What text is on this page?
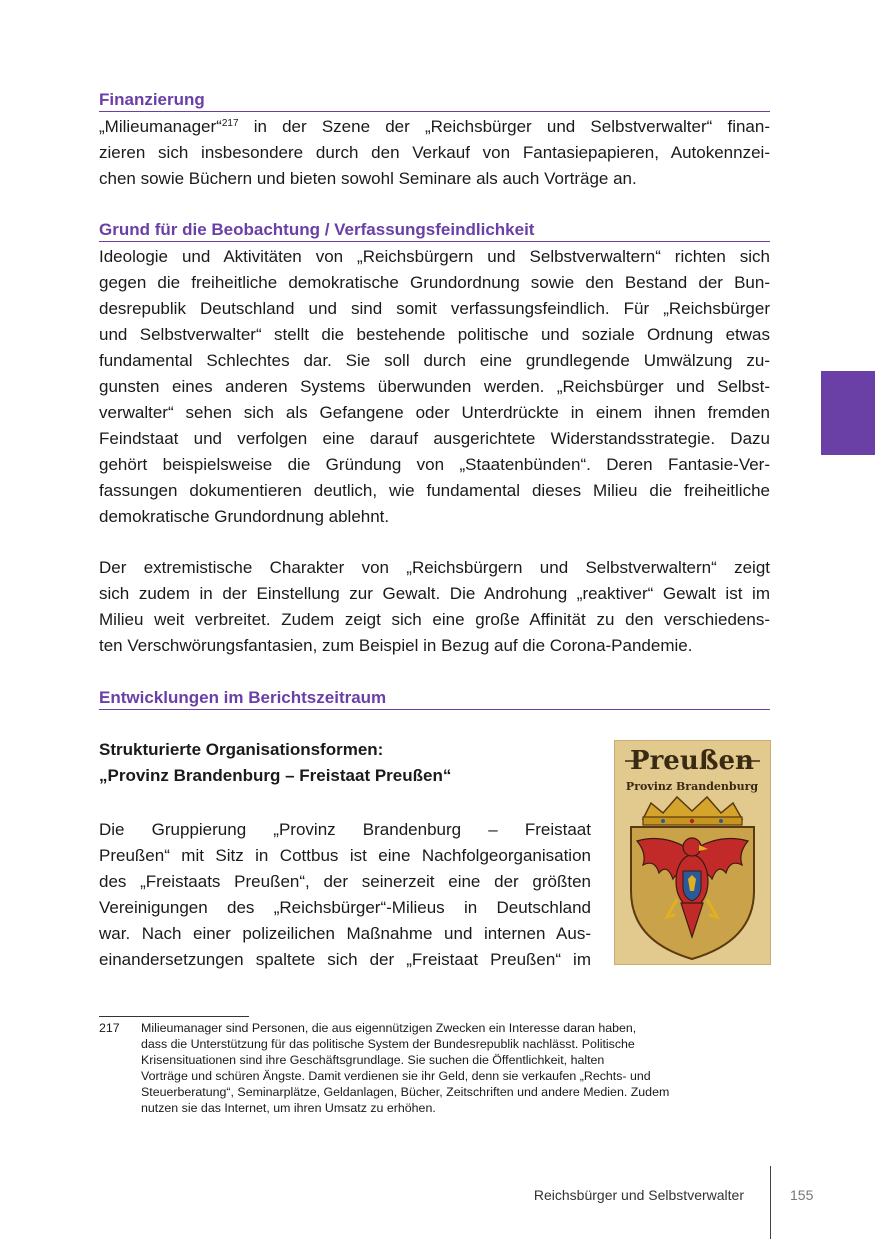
Finanzierung
„Milieumanager“$^{217}$ in der Szene der „Reichsbürger und Selbstverwalter“ finan-
zieren sich insbesondere durch den Verkauf von Fantasiepapieren, Autokennzei-
chen sowie Büchern und bieten sowohl Seminare als auch Vorträge an.
Grund für die Beobachtung / Verfassungsfeindlichkeit
Ideologie und Aktivitäten von „Reichsbürgern und Selbstverwaltern“ richten sich
gegen die freiheitliche demokratische Grundordnung sowie den Bestand der Bun-
desrepublik Deutschland und sind somit verfassungsfeindlich. Für „Reichsbürger
und Selbstverwalter“ stellt die bestehende politische und soziale Ordnung etwas
fundamental Schlechtes dar. Sie soll durch eine grundlegende Umwälzung zu-
gunsten eines anderen Systems überwunden werden. „Reichsbürger und Selbst-
verwalter“ sehen sich als Gefangene oder Unterdrückte in einem ihnen fremden
Feindstaat und verfolgen eine darauf ausgerichtete Widerstandsstrategie. Dazu
gehört beispielsweise die Gründung von „Staatenbünden“. Deren Fantasie-Ver-
fassungen dokumentieren deutlich, wie fundamental dieses Milieu die freiheitliche
demokratische Grundordnung ablehnt.
Der extremistische Charakter von „Reichsbürgern und Selbstverwaltern“ zeigt
sich zudem in der Einstellung zur Gewalt. Die Androhung „reaktiver“ Gewalt ist im
Milieu weit verbreitet. Zudem zeigt sich eine große Affinität zu den verschiedens-
ten Verschwörungsfantasien, zum Beispiel in Bezug auf die Corona-Pandemie.
Entwicklungen im Berichtszeitraum
Strukturierte Organisationsformen:
„Provinz Brandenburg – Freistaat Preußen“
Die Gruppierung „Provinz Brandenburg – Freistaat
Preußen“ mit Sitz in Cottbus ist eine Nachfolgeorganisation
des „Freistaats Preußen“, der seinerzeit eine der größten
Vereinigungen des „Reichsbürger“-Milieus in Deutschland
war. Nach einer polizeilichen Maßnahme und internen Aus-
einandersetzungen spaltete sich der „Freistaat Preußen“ im
Preußen
Provinz Brandenburg
217 Milieumanager sind Personen, die aus eigennützigen Zwecken ein Interesse daran haben,
dass die Unterstützung für das politische System der Bundesrepublik nachlässt. Politische
Krisensituationen sind ihre Geschäftsgrundlage. Sie suchen die Öffentlichkeit, halten
Vorträge und schüren Ängste. Damit verdienen sie ihr Geld, denn sie verkaufen „Rechts- und
Steuerberatung“, Seminarplätze, Geldanlagen, Bücher, Zeitschriften und andere Medien. Zudem
nutzen sie das Internet, um ihren Umsatz zu erhöhen.
Reichsbürger und Selbstverwalter	155
